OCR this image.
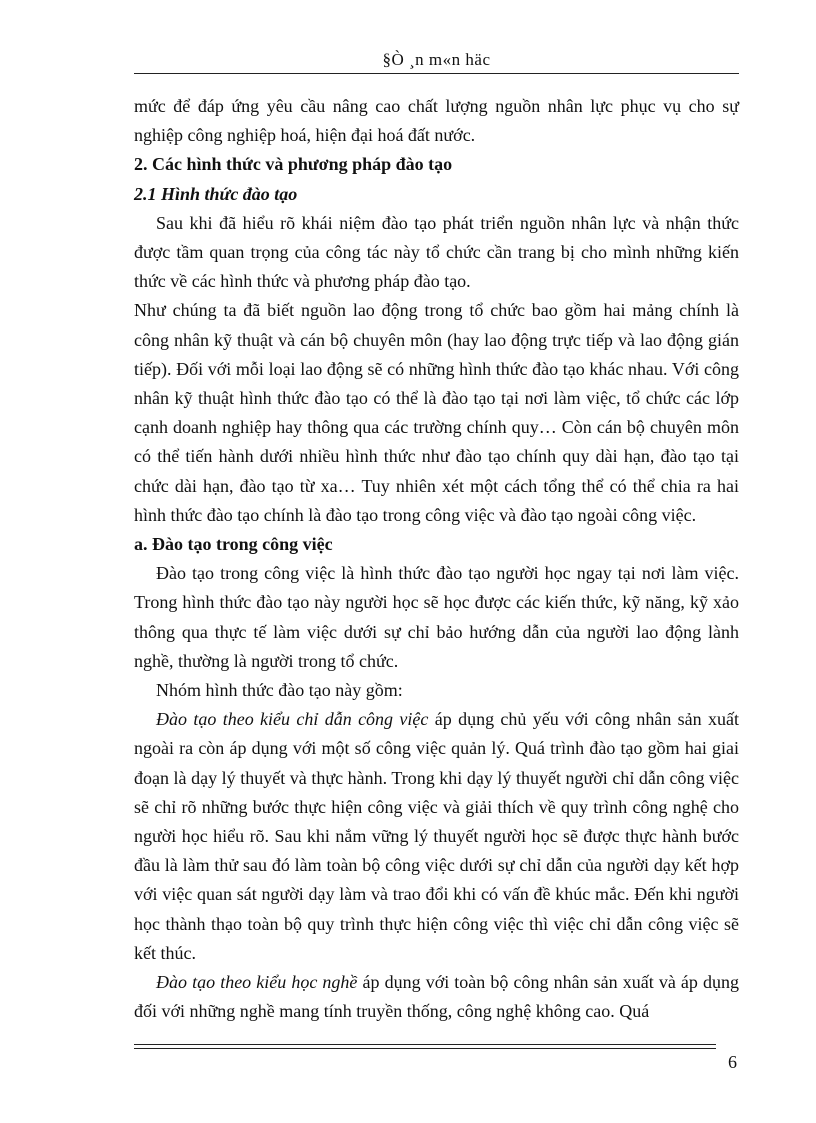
§Ò ¸n m«n häc

mức để đáp ứng yêu cầu nâng cao chất lượng nguồn nhân lực phục vụ cho sự nghiệp công nghiệp hoá, hiện đại hoá đất nước.

2. Các hình thức và phương pháp đào tạo

2.1 Hình thức đào tạo

Sau khi đã hiểu rõ khái niệm đào tạo phát triển nguồn nhân lực và nhận thức được tầm quan trọng của công tác này tổ chức cần trang bị cho mình những kiến thức về các hình thức và phương pháp đào tạo.

Như chúng ta đã biết nguồn lao động trong tổ chức bao gồm hai mảng chính là công nhân kỹ thuật và cán bộ chuyên môn (hay lao động trực tiếp và lao động gián tiếp). Đối với mỗi loại lao động sẽ có những hình thức đào tạo khác nhau. Với công nhân kỹ thuật hình thức đào tạo có thể là đào tạo tại nơi làm việc, tổ chức các lớp cạnh doanh nghiệp hay thông qua các trường chính quy… Còn cán bộ chuyên môn có thể tiến hành dưới nhiều hình thức như đào tạo chính quy dài hạn, đào tạo tại chức dài hạn, đào tạo từ xa… Tuy nhiên xét một cách tổng thể có thể chia ra hai hình thức đào tạo chính là đào tạo trong công việc và đào tạo ngoài công việc.

a. Đào tạo trong công việc

Đào tạo trong công việc là hình thức đào tạo người học ngay tại nơi làm việc. Trong hình thức đào tạo này người học sẽ học được các kiến thức, kỹ năng, kỹ xảo thông qua thực tế làm việc dưới sự chỉ bảo hướng dẫn của người lao động lành nghề, thường là người trong tổ chức.

Nhóm hình thức đào tạo này gồm:

Đào tạo theo kiểu chỉ dẫn công việc áp dụng chủ yếu với công nhân sản xuất ngoài ra còn áp dụng với một số công việc quản lý. Quá trình đào tạo gồm hai giai đoạn là dạy lý thuyết và thực hành. Trong khi dạy lý thuyết người chỉ dẫn công việc sẽ chỉ rõ những bước thực hiện công việc và giải thích về quy trình công nghệ cho người học hiểu rõ. Sau khi nắm vững lý thuyết người học sẽ được thực hành bước đầu là làm thử sau đó làm toàn bộ công việc dưới sự chỉ dẫn của người dạy kết hợp với việc quan sát người dạy làm và trao đổi khi có vấn đề khúc mắc. Đến khi người học thành thạo toàn bộ quy trình thực hiện công việc thì việc chỉ dẫn công việc sẽ kết thúc.

Đào tạo theo kiểu học nghề áp dụng với toàn bộ công nhân sản xuất và áp dụng đối với những nghề mang tính truyền thống, công nghệ không cao. Quá

6
